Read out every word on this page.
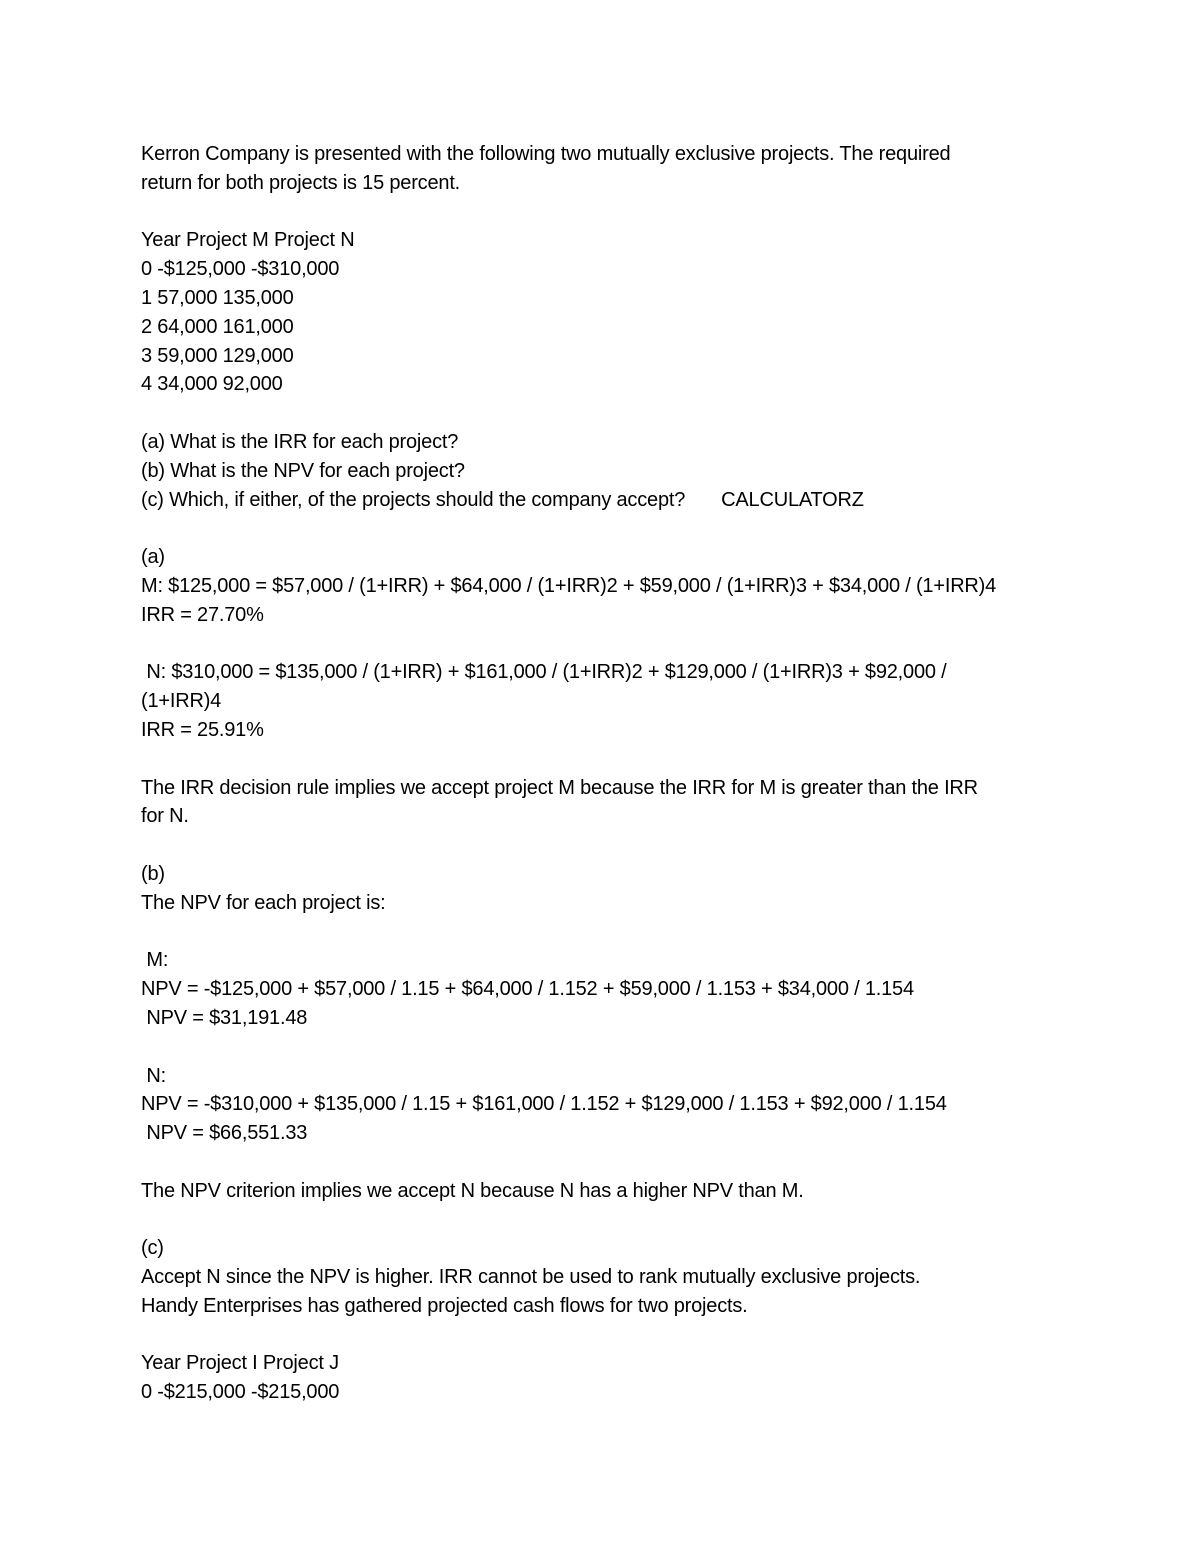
Kerron Company is presented with the following two mutually exclusive projects. The required
return for both projects is 15 percent.
Year Project M Project N
0 -$125,000 -$310,000
1 57,000 135,000
2 64,000 161,000
3 59,000 129,000
4 34,000 92,000
(a) What is the IRR for each project?
(b) What is the NPV for each project?
(c) Which, if either, of the projects should the company accept? CALCULATORZ
(a)
M: $125,000 = $57,000 / (1+IRR) + $64,000 / (1+IRR)2 + $59,000 / (1+IRR)3 + $34,000 / (1+IRR)4
IRR = 27.70%
N: $310,000 = $135,000 / (1+IRR) + $161,000 / (1+IRR)2 + $129,000 / (1+IRR)3 + $92,000 /
(1+IRR)4
IRR = 25.91%
The IRR decision rule implies we accept project M because the IRR for M is greater than the IRR
for N.
(b)
The NPV for each project is:
M:
NPV = -$125,000 + $57,000 / 1.15 + $64,000 / 1.152 + $59,000 / 1.153 + $34,000 / 1.154
NPV = $31,191.48
N:
NPV = -$310,000 + $135,000 / 1.15 + $161,000 / 1.152 + $129,000 / 1.153 + $92,000 / 1.154
NPV = $66,551.33
The NPV criterion implies we accept N because N has a higher NPV than M.
(c)
Accept N since the NPV is higher. IRR cannot be used to rank mutually exclusive projects.
Handy Enterprises has gathered projected cash flows for two projects.
Year Project I Project J
0 -$215,000 -$215,000
